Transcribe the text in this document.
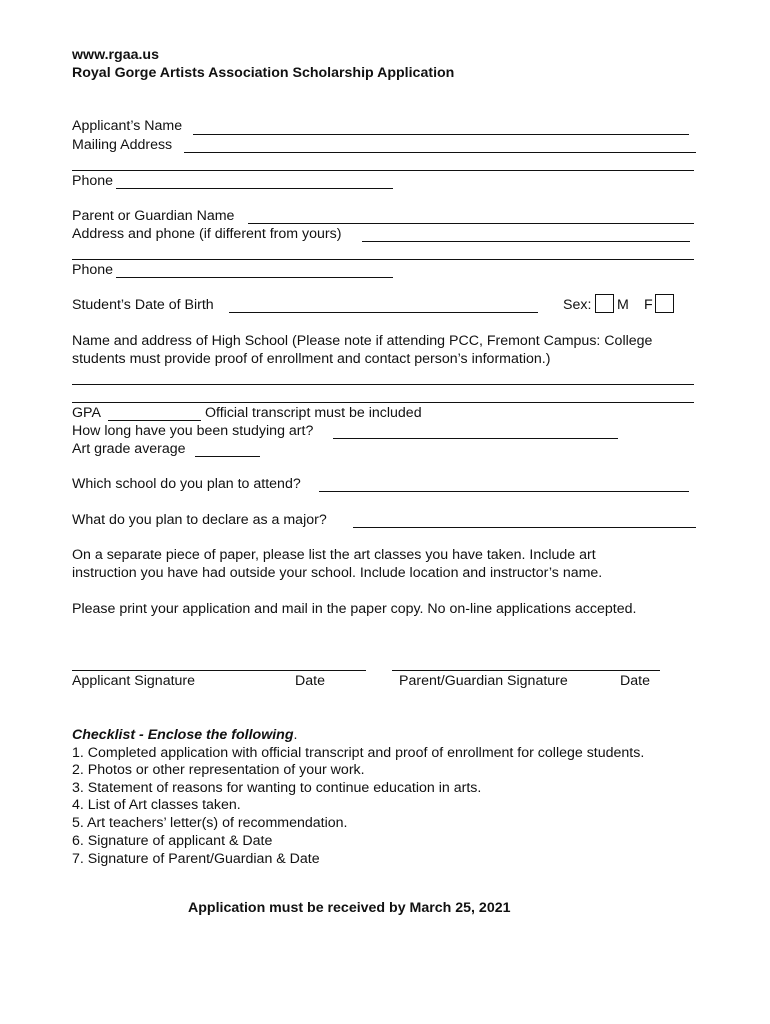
www.rgaa.us
Royal Gorge Artists Association Scholarship Application
Applicant’s Name
Mailing Address
Phone
Parent or Guardian Name
Address and phone (if different from yours)
Phone
Student’s Date of Birth	Sex: M F
Name and address of High School (Please note if attending PCC, Fremont Campus: College
students must provide proof of enrollment and contact person’s information.)
GPA	Official transcript must be included
How long have you been studying art?
Art grade average
Which school do you plan to attend?
What do you plan to declare as a major?
On a separate piece of paper, please list the art classes you have taken. Include art
instruction you have had outside your school. Include location and instructor’s name.
Please print your application and mail in the paper copy. No on-line applications accepted.
Applicant Signature	Date	Parent/Guardian Signature	Date
Checklist - Enclose the following.
1. Completed application with official transcript and proof of enrollment for college students.
2. Photos or other representation of your work.
3. Statement of reasons for wanting to continue education in arts.
4. List of Art classes taken.
5. Art teachers’ letter(s) of recommendation.
6. Signature of applicant & Date
7. Signature of Parent/Guardian & Date
Application must be received by March 25, 2021
